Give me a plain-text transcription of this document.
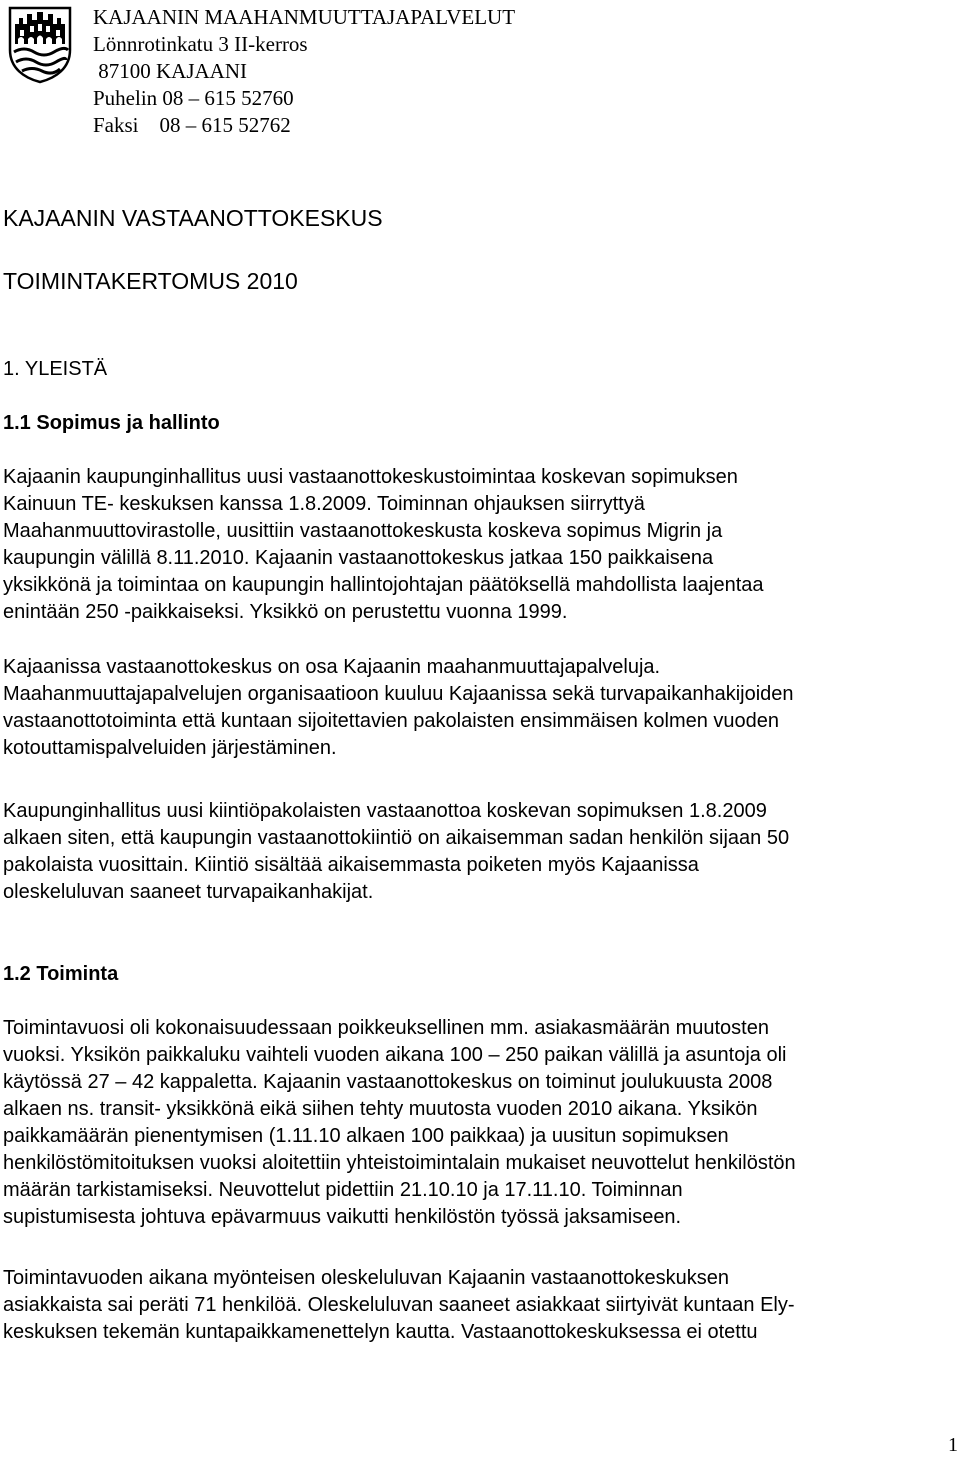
KAJAANIN MAAHANMUUTTAJAPALVELUT
Lönnrotinkatu 3 II-kerros
87100 KAJAANI
Puhelin 08 – 615 52760
Faksi    08 – 615 52762
KAJAANIN VASTAANOTTOKESKUS
TOIMINTAKERTOMUS 2010
1. YLEISTÄ
1.1 Sopimus ja hallinto
Kajaanin kaupunginhallitus uusi vastaanottokeskustoimintaa koskevan sopimuksen
Kainuun TE- keskuksen kanssa 1.8.2009. Toiminnan ohjauksen siirryttyä
Maahanmuuttovirastolle, uusittiin vastaanottokeskusta koskeva sopimus Migrin ja
kaupungin välillä 8.11.2010. Kajaanin vastaanottokeskus jatkaa 150 paikkaisena
yksikkönä ja toimintaa on kaupungin hallintojohtajan päätöksellä mahdollista laajentaa
enintään 250 -paikkaiseksi. Yksikkö on perustettu vuonna 1999.
Kajaanissa vastaanottokeskus on osa Kajaanin maahanmuuttajapalveluja.
Maahanmuuttajapalvelujen organisaatioon kuuluu Kajaanissa sekä turvapaikanhakijoiden
vastaanottotoiminta että kuntaan sijoitettavien pakolaisten ensimmäisen kolmen vuoden
kotouttamispalveluiden järjestäminen.
Kaupunginhallitus uusi kiintiöpakolaisten vastaanottoa koskevan sopimuksen 1.8.2009
alkaen siten, että kaupungin vastaanottokiintiö on aikaisemman sadan henkilön sijaan 50
pakolaista vuosittain. Kiintiö sisältää aikaisemmasta poiketen myös Kajaanissa
oleskeluluvan saaneet turvapaikanhakijat.
1.2 Toiminta
Toimintavuosi oli kokonaisuudessaan poikkeuksellinen mm. asiakasmäärän muutosten
vuoksi. Yksikön paikkaluku vaihteli vuoden aikana 100 – 250 paikan välillä ja asuntoja oli
käytössä 27 – 42 kappaletta. Kajaanin vastaanottokeskus on toiminut joulukuusta 2008
alkaen ns. transit- yksikkönä eikä siihen tehty muutosta vuoden 2010 aikana. Yksikön
paikkamäärän pienentymisen (1.11.10 alkaen 100 paikkaa) ja uusitun sopimuksen
henkilöstömitoituksen vuoksi aloitettiin yhteistoimintalain mukaiset neuvottelut henkilöstön
määrän tarkistamiseksi. Neuvottelut pidettiin 21.10.10 ja 17.11.10. Toiminnan
supistumisesta johtuva epävarmuus vaikutti henkilöstön työssä jaksamiseen.
Toimintavuoden aikana myönteisen oleskeluluvan Kajaanin vastaanottokeskuksen
asiakkaista sai peräti 71 henkilöä. Oleskeluluvan saaneet asiakkaat siirtyivät kuntaan Ely-
keskuksen tekemän kuntapaikkamenettelyn kautta. Vastaanottokeskuksessa ei otettu
1
